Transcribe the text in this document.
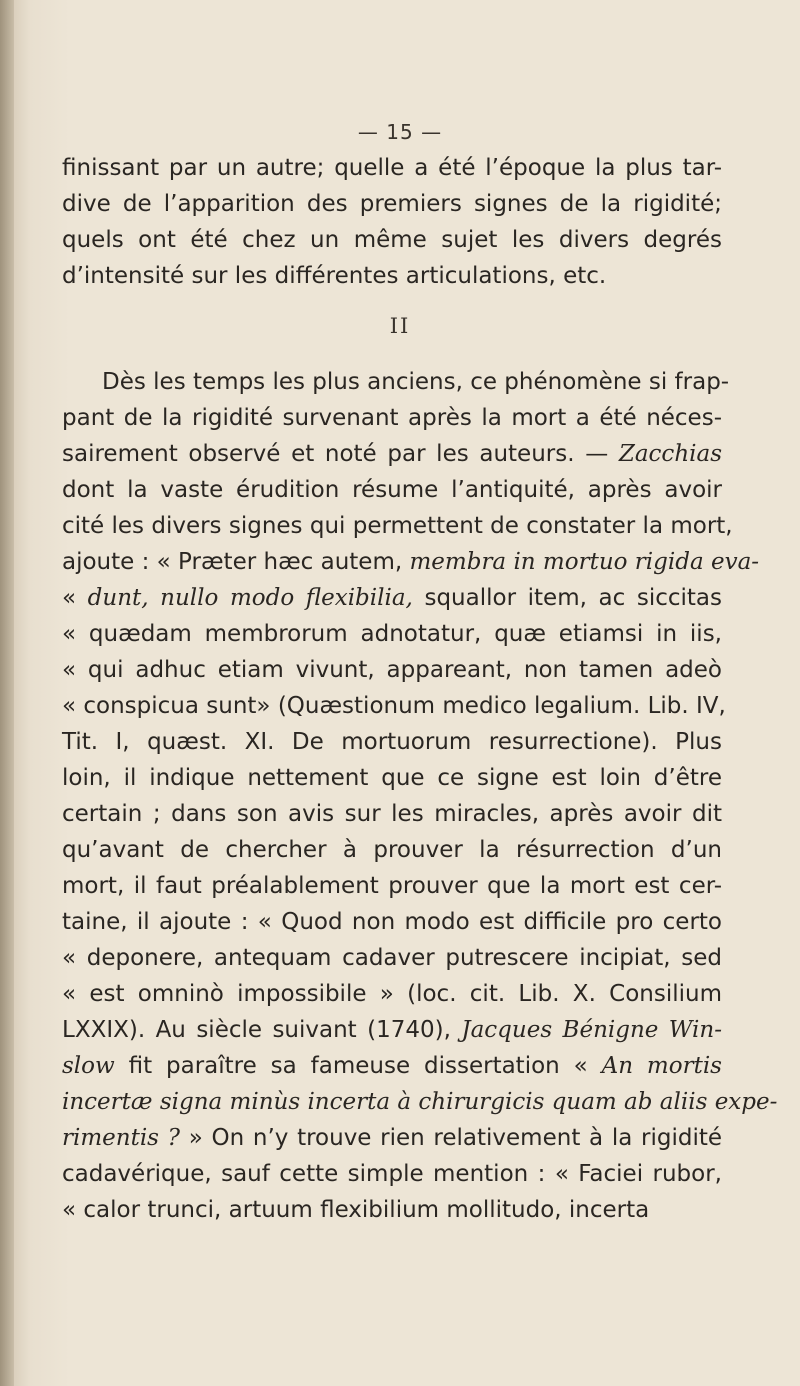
— 15 —
finissant par un autre; quelle a été l’époque la plus tar-
dive de l’apparition des premiers signes de la rigidité;
quels ont été chez un même sujet les divers degrés
d’intensité sur les différentes articulations, etc.
II
Dès les temps les plus anciens, ce phénomène si frap-
pant de la rigidité survenant après la mort a été néces-
sairement observé et noté par les auteurs. — Zacchias
dont la vaste érudition résume l’antiquité, après avoir
cité les divers signes qui permettent de constater la mort,
ajoute : « Præter hæc autem, membra in mortuo rigida eva-
« dunt, nullo modo flexibilia, squallor item, ac siccitas
« quædam membrorum adnotatur, quæ etiamsi in iis,
« qui adhuc etiam vivunt, appareant, non tamen adeò
« conspicua sunt» (Quæstionum medico legalium. Lib. IV,
Tit. I, quæst. XI. De mortuorum resurrectione). Plus
loin, il indique nettement que ce signe est loin d’être
certain ; dans son avis sur les miracles, après avoir dit
qu’avant de chercher à prouver la résurrection d’un
mort, il faut préalablement prouver que la mort est cer-
taine, il ajoute : « Quod non modo est difficile pro certo
« deponere, antequam cadaver putrescere incipiat, sed
« est omninò impossibile » (loc. cit. Lib. X. Consilium
LXXIX). Au siècle suivant (1740), Jacques Bénigne Win-
slow fit paraître sa fameuse dissertation « An mortis
incertæ signa minùs incerta à chirurgicis quam ab aliis expe-
rimentis ? » On n’y trouve rien relativement à la rigidité
cadavérique, sauf cette simple mention : « Faciei rubor,
« calor trunci, artuum flexibilium mollitudo, incerta
